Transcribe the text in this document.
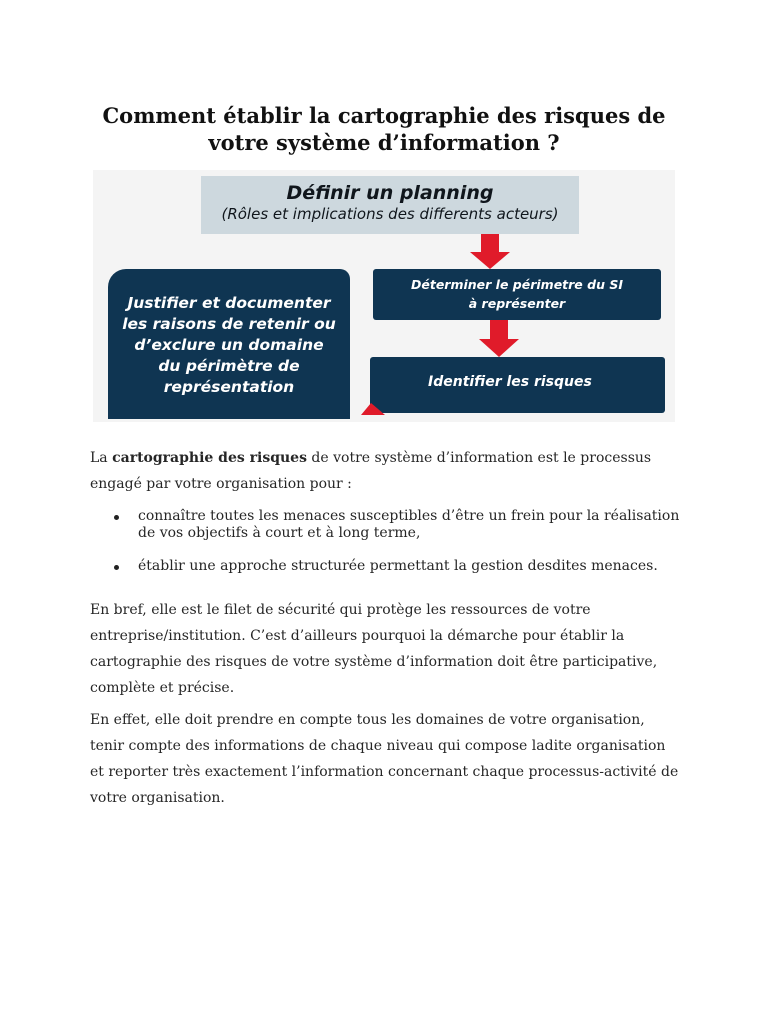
Comment établir la cartographie des risques de votre système d’information ?
Définir un planning
(Rôles et implications des differents acteurs)
Justifier et documenter
les raisons de retenir ou
d’exclure un domaine
du périmètre de
représentation
Déterminer le périmetre du SI
à représenter
Identifier les risques

La cartographie des risques de votre système d’information est le processus engagé par votre organisation pour :

connaître toutes les menaces susceptibles d’être un frein pour la réalisation de vos objectifs à court et à long terme,
établir une approche structurée permettant la gestion desdites menaces.

En bref, elle est le filet de sécurité qui protège les ressources de votre entreprise/institution. C’est d’ailleurs pourquoi la démarche pour établir la cartographie des risques de votre système d’information doit être participative, complète et précise.

En effet, elle doit prendre en compte tous les domaines de votre organisation, tenir compte des informations de chaque niveau qui compose ladite organisation et reporter très exactement l’information concernant chaque processus-activité de votre organisation.
